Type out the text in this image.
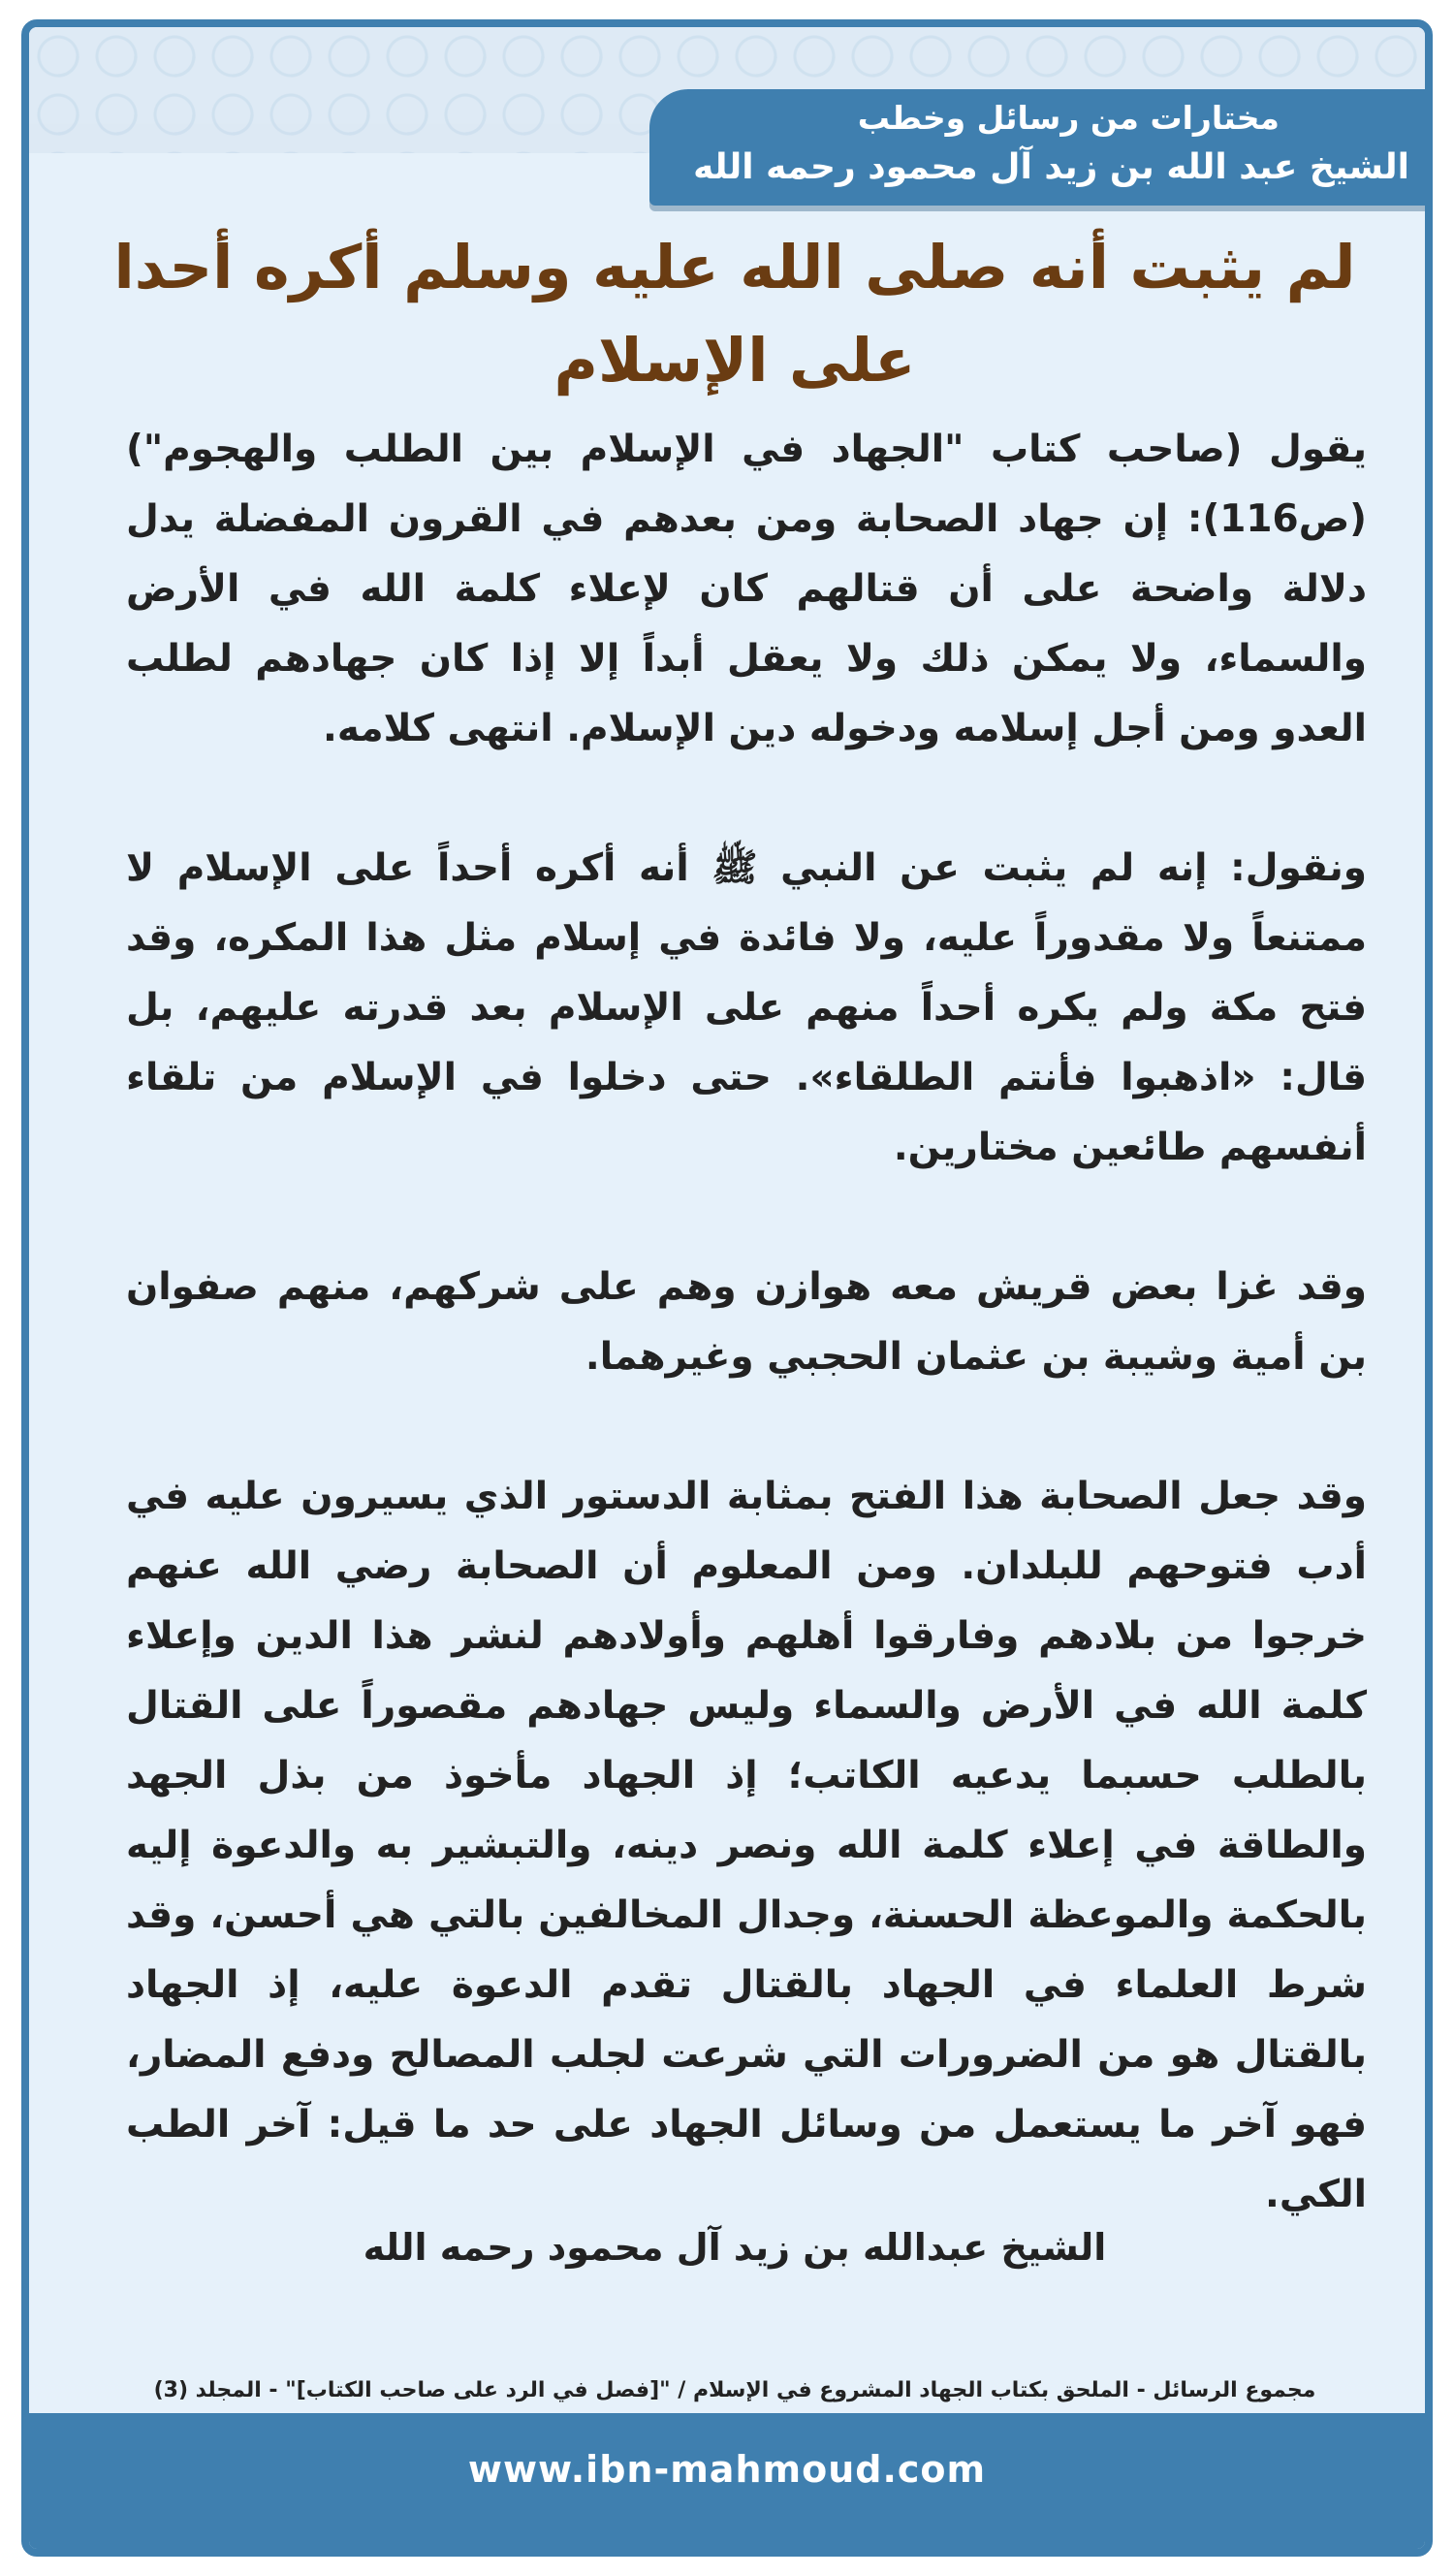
مختارات من رسائل وخطب
الشيخ عبد الله بن زيد آل محمود رحمه الله
لم يثبت أنه صلى الله عليه وسلم أكره أحدا على الإسلام

يقول (صاحب كتاب "الجهاد في الإسلام بين الطلب والهجوم") (ص116): إن جهاد الصحابة ومن بعدهم في القرون المفضلة يدل دلالة واضحة على أن قتالهم كان لإعلاء كلمة الله في الأرض والسماء، ولا يمكن ذلك ولا يعقل أبداً إلا إذا كان جهادهم لطلب العدو ومن أجل إسلامه ودخوله دين الإسلام. انتهى كلامه.

ونقول: إنه لم يثبت عن النبي ﷺ أنه أكره أحداً على الإسلام لا ممتنعاً ولا مقدوراً عليه، ولا فائدة في إسلام مثل هذا المكره، وقد فتح مكة ولم يكره أحداً منهم على الإسلام بعد قدرته عليهم، بل قال: «اذهبوا فأنتم الطلقاء». حتى دخلوا في الإسلام من تلقاء أنفسهم طائعين مختارين.

وقد غزا بعض قريش معه هوازن وهم على شركهم، منهم صفوان بن أمية وشيبة بن عثمان الحجبي وغيرهما.

وقد جعل الصحابة هذا الفتح بمثابة الدستور الذي يسيرون عليه في أدب فتوحهم للبلدان. ومن المعلوم أن الصحابة رضي الله عنهم خرجوا من بلادهم وفارقوا أهلهم وأولادهم لنشر هذا الدين وإعلاء كلمة الله في الأرض والسماء وليس جهادهم مقصوراً على القتال بالطلب حسبما يدعيه الكاتب؛ إذ الجهاد مأخوذ من بذل الجهد والطاقة في إعلاء كلمة الله ونصر دينه، والتبشير به والدعوة إليه بالحكمة والموعظة الحسنة، وجدال المخالفين بالتي هي أحسن، وقد شرط العلماء في الجهاد بالقتال تقدم الدعوة عليه، إذ الجهاد بالقتال هو من الضرورات التي شرعت لجلب المصالح ودفع المضار، فهو آخر ما يستعمل من وسائل الجهاد على حد ما قيل: آخر الطب الكي.

الشيخ عبدالله بن زيد آل محمود رحمه الله
مجموع الرسائل - الملحق بكتاب الجهاد المشروع في الإسلام / "[فصل في الرد على صاحب الكتاب]" - المجلد (3)
www.ibn-mahmoud.com
